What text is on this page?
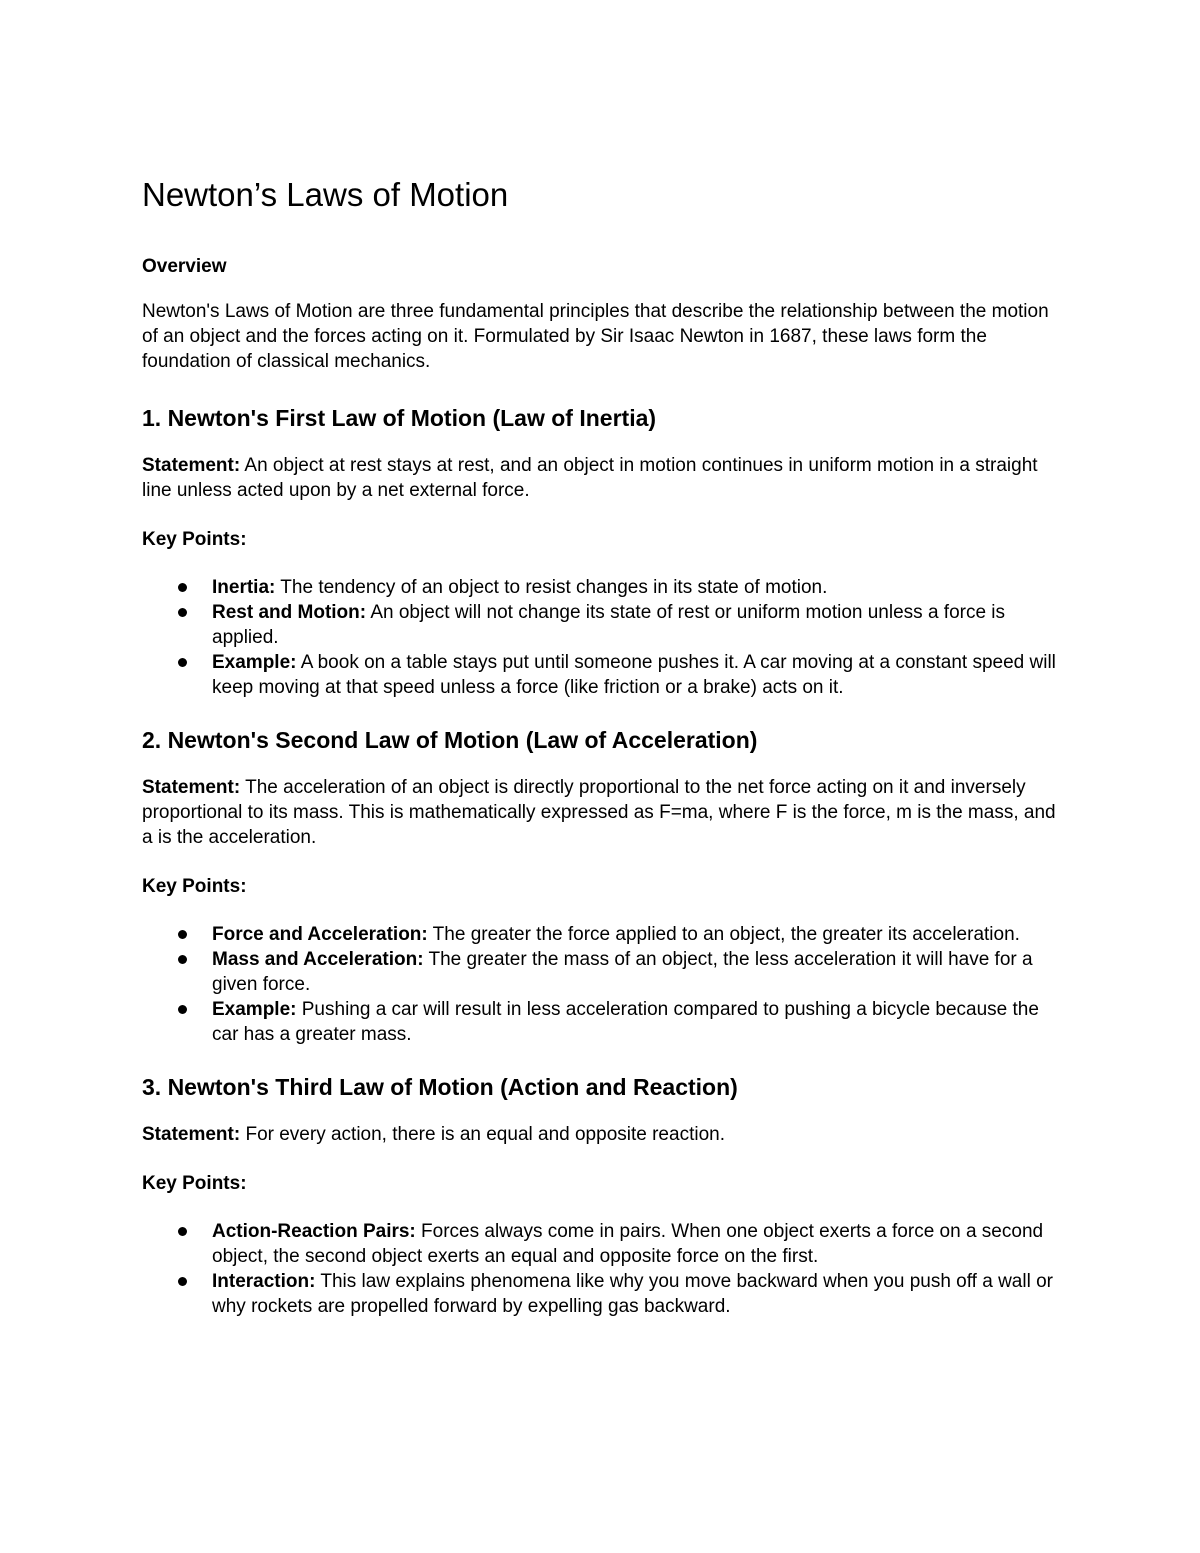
Newton’s Laws of Motion
Overview

Newton's Laws of Motion are three fundamental principles that describe the relationship between the motion of an object and the forces acting on it. Formulated by Sir Isaac Newton in 1687, these laws form the foundation of classical mechanics.

1. Newton's First Law of Motion (Law of Inertia)

Statement: An object at rest stays at rest, and an object in motion continues in uniform motion in a straight line unless acted upon by a net external force.

Key Points:
Inertia: The tendency of an object to resist changes in its state of motion.
Rest and Motion: An object will not change its state of rest or uniform motion unless a force is applied.
Example: A book on a table stays put until someone pushes it. A car moving at a constant speed will keep moving at that speed unless a force (like friction or a brake) acts on it.
2. Newton's Second Law of Motion (Law of Acceleration)

Statement: The acceleration of an object is directly proportional to the net force acting on it and inversely proportional to its mass. This is mathematically expressed as F=ma, where F is the force, m is the mass, and a is the acceleration.

Key Points:
Force and Acceleration: The greater the force applied to an object, the greater its acceleration.
Mass and Acceleration: The greater the mass of an object, the less acceleration it will have for a given force.
Example: Pushing a car will result in less acceleration compared to pushing a bicycle because the car has a greater mass.
3. Newton's Third Law of Motion (Action and Reaction)

Statement: For every action, there is an equal and opposite reaction.

Key Points:
Action-Reaction Pairs: Forces always come in pairs. When one object exerts a force on a second object, the second object exerts an equal and opposite force on the first.
Interaction: This law explains phenomena like why you move backward when you push off a wall or why rockets are propelled forward by expelling gas backward.
